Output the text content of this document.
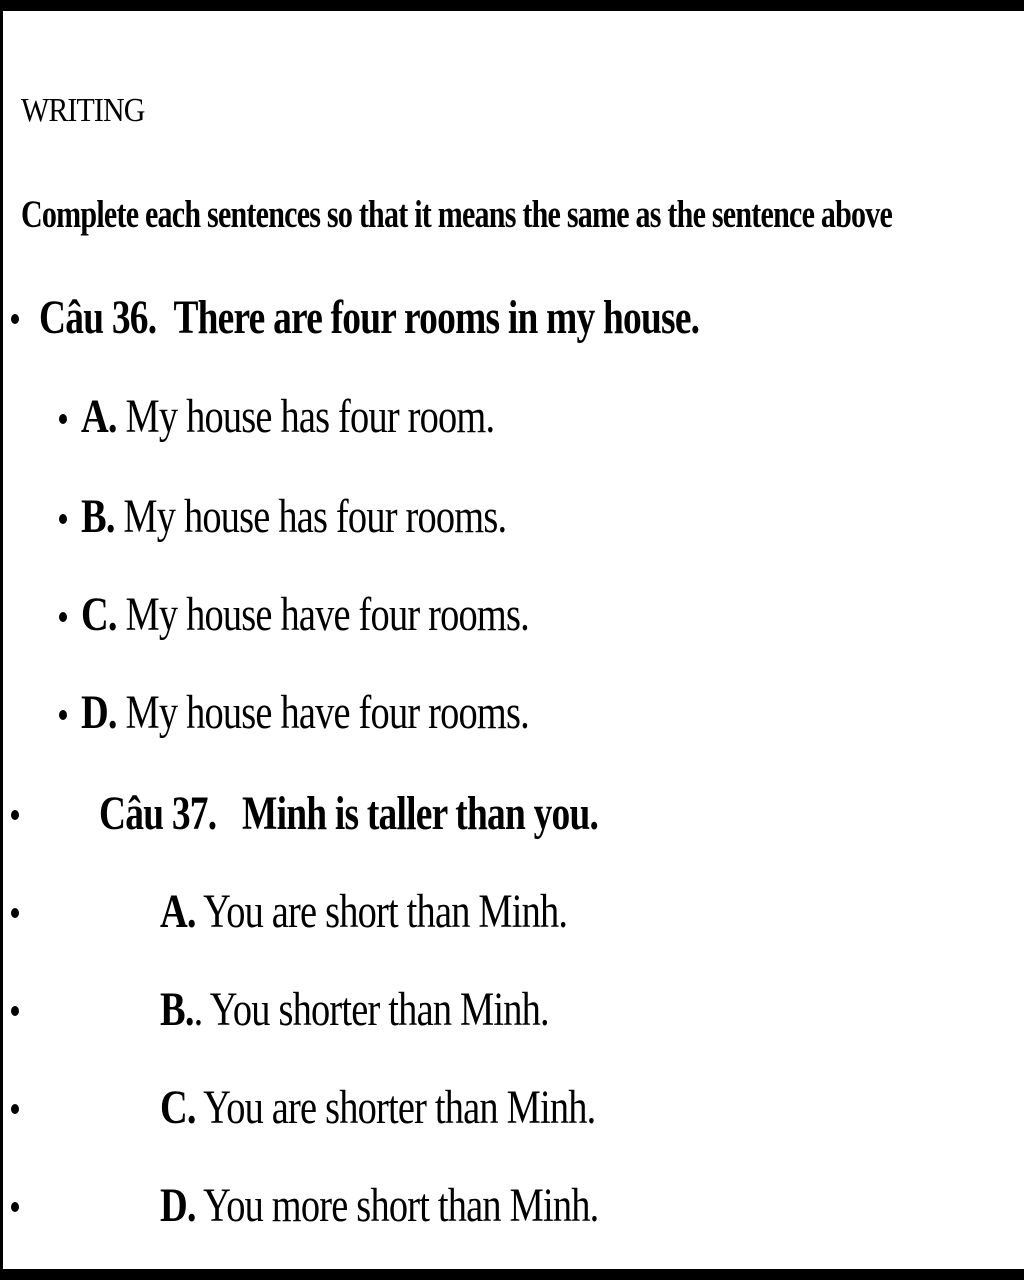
WRITING
Complete each sentences so that it means the same as the sentence above
Câu 36. There are four rooms in my house.
A. My house has four room.
B. My house has four rooms.
C. My house have four rooms.
D. My house have four rooms.
Câu 37. Minh is taller than you.
A. You are short than Minh.
B.. You shorter than Minh.
C. You are shorter than Minh.
D. You more short than Minh.
